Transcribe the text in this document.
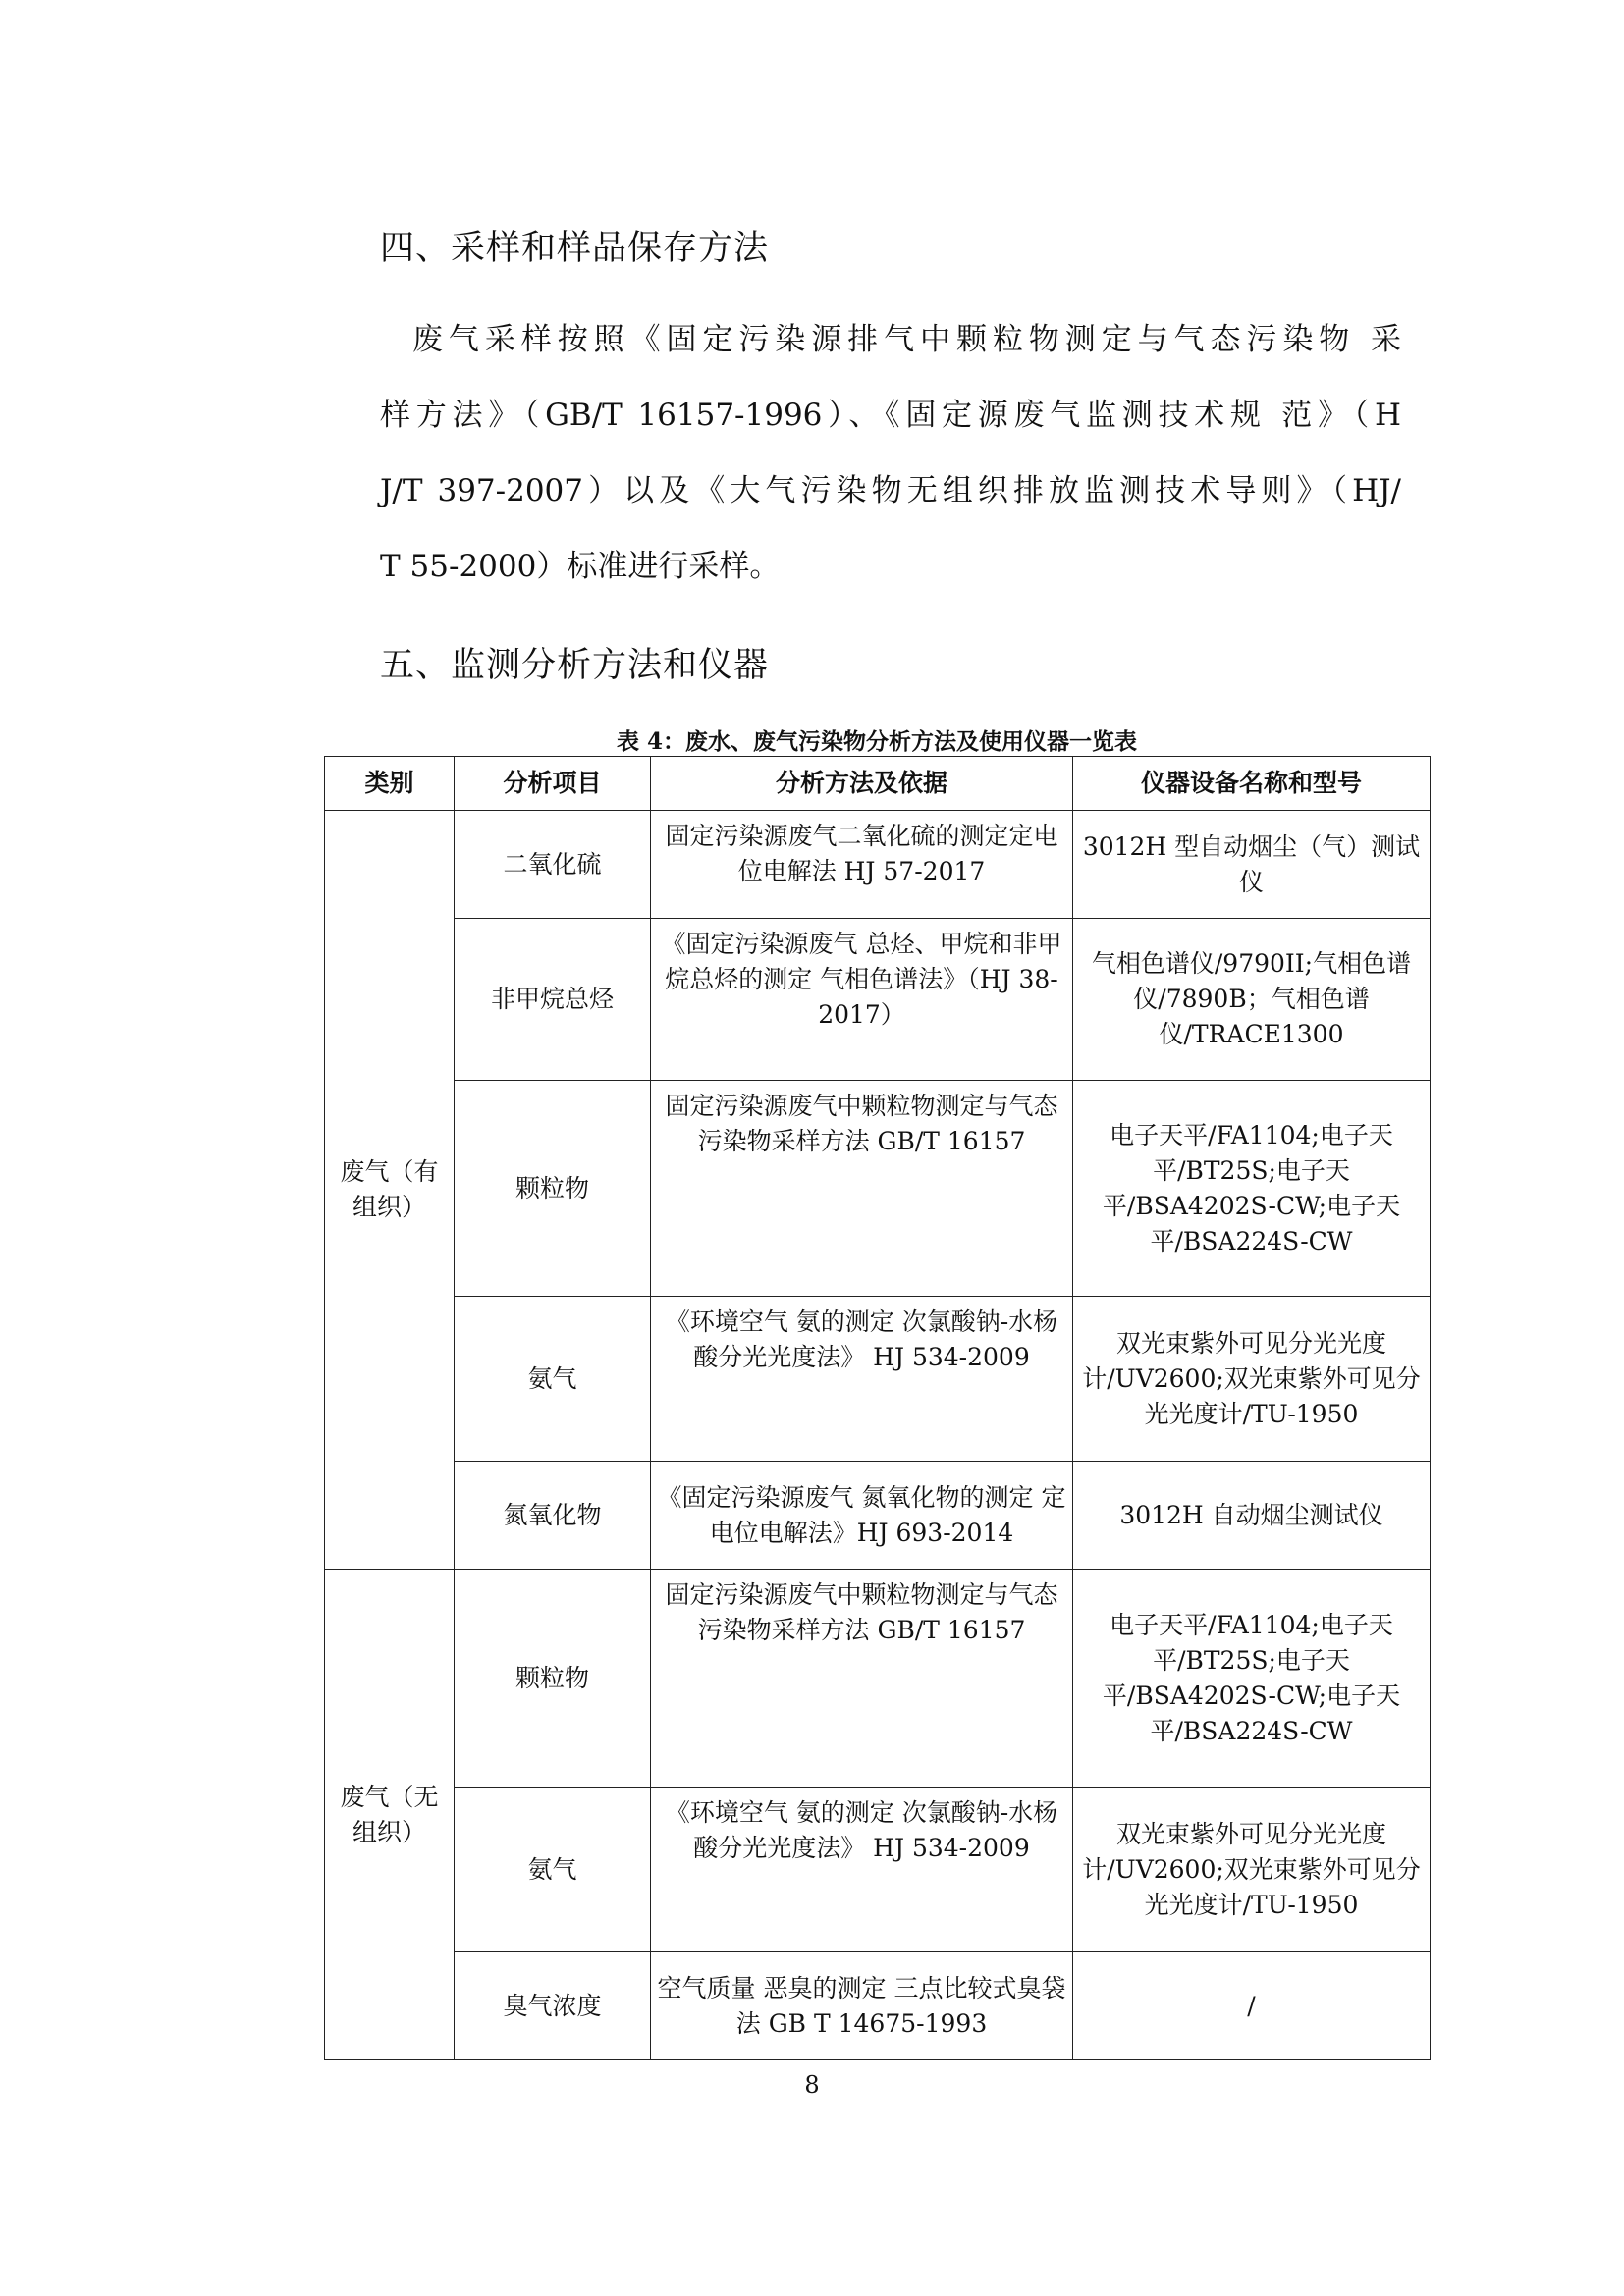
四、采样和样品保存方法
废气采样按照《固定污染源排气中颗粒物测定与气态污染物 采
样方法》（GB/T 16157-1996）、《固定源废气监测技术规 范》（H
J/T 397-2007）以及《大气污染物无组织排放监测技术导则》（HJ/
T 55-2000）标准进行采样。
五、监测分析方法和仪器
表 4：废水、废气污染物分析方法及使用仪器一览表
类别	分析项目	分析方法及依据	仪器设备名称和型号
废气（有组织）	二氧化硫	固定污染源废气二氧化硫的测定定电位电解法 HJ 57-2017	3012H 型自动烟尘（气）测试仪
	非甲烷总烃	《固定污染源废气 总烃、甲烷和非甲烷总烃的测定 气相色谱法》（HJ 38-2017）	气相色谱仪/9790II;气相色谱仪/7890B；气相色谱仪/TRACE1300
	颗粒物	固定污染源废气中颗粒物测定与气态污染物采样方法 GB/T 16157	电子天平/FA1104;电子天平/BT25S;电子天平/BSA4202S-CW;电子天平/BSA224S-CW
	氨气	《环境空气 氨的测定 次氯酸钠-水杨酸分光光度法》 HJ 534-2009	双光束紫外可见分光光度计/UV2600;双光束紫外可见分光光度计/TU-1950
	氮氧化物	《固定污染源废气 氮氧化物的测定 定电位电解法》HJ 693-2014	3012H 自动烟尘测试仪
废气（无组织）	颗粒物	固定污染源废气中颗粒物测定与气态污染物采样方法 GB/T 16157	电子天平/FA1104;电子天平/BT25S;电子天平/BSA4202S-CW;电子天平/BSA224S-CW
	氨气	《环境空气 氨的测定 次氯酸钠-水杨酸分光光度法》 HJ 534-2009	双光束紫外可见分光光度计/UV2600;双光束紫外可见分光光度计/TU-1950
	臭气浓度	空气质量 恶臭的测定 三点比较式臭袋法 GB T 14675-1993	/
8
